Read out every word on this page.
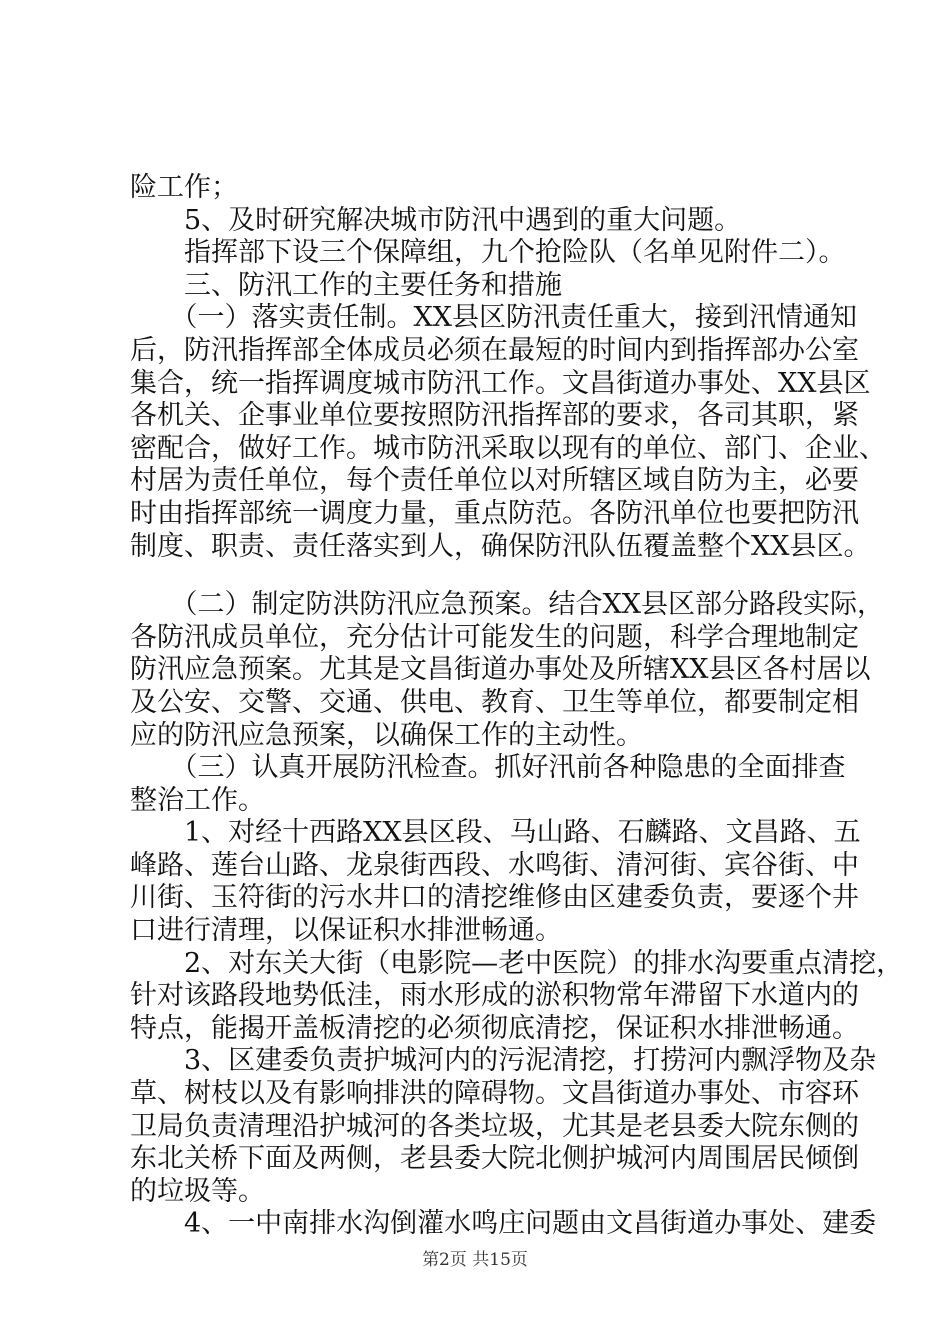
险工作；
　　5、及时研究解决城市防汛中遇到的重大问题。
　　指挥部下设三个保障组，九个抢险队（名单见附件二）。
　　三、防汛工作的主要任务和措施
　　（一）落实责任制。XX县区防汛责任重大，接到汛情通知
后，防汛指挥部全体成员必须在最短的时间内到指挥部办公室
集合，统一指挥调度城市防汛工作。文昌街道办事处、XX县区
各机关、企事业单位要按照防汛指挥部的要求，各司其职，紧
密配合，做好工作。城市防汛采取以现有的单位、部门、企业、
村居为责任单位，每个责任单位以对所辖区域自防为主，必要
时由指挥部统一调度力量，重点防范。各防汛单位也要把防汛
制度、职责、责任落实到人，确保防汛队伍覆盖整个XX县区。
　　（二）制定防洪防汛应急预案。结合XX县区部分路段实际，
各防汛成员单位，充分估计可能发生的问题，科学合理地制定
防汛应急预案。尤其是文昌街道办事处及所辖XX县区各村居以
及公安、交警、交通、供电、教育、卫生等单位，都要制定相
应的防汛应急预案，以确保工作的主动性。
　　（三）认真开展防汛检查。抓好汛前各种隐患的全面排查
整治工作。
　　1、对经十西路XX县区段、马山路、石麟路、文昌路、五
峰路、莲台山路、龙泉街西段、水鸣街、清河街、宾谷街、中
川街、玉符街的污水井口的清挖维修由区建委负责，要逐个井
口进行清理，以保证积水排泄畅通。
　　2、对东关大街（电影院—老中医院）的排水沟要重点清挖，
针对该路段地势低洼，雨水形成的淤积物常年滞留下水道内的
特点，能揭开盖板清挖的必须彻底清挖，保证积水排泄畅通。
　　3、区建委负责护城河内的污泥清挖，打捞河内飘浮物及杂
草、树枝以及有影响排洪的障碍物。文昌街道办事处、市容环
卫局负责清理沿护城河的各类垃圾，尤其是老县委大院东侧的
东北关桥下面及两侧，老县委大院北侧护城河内周围居民倾倒
的垃圾等。
　　4、一中南排水沟倒灌水鸣庄问题由文昌街道办事处、建委
第2页 共15页
